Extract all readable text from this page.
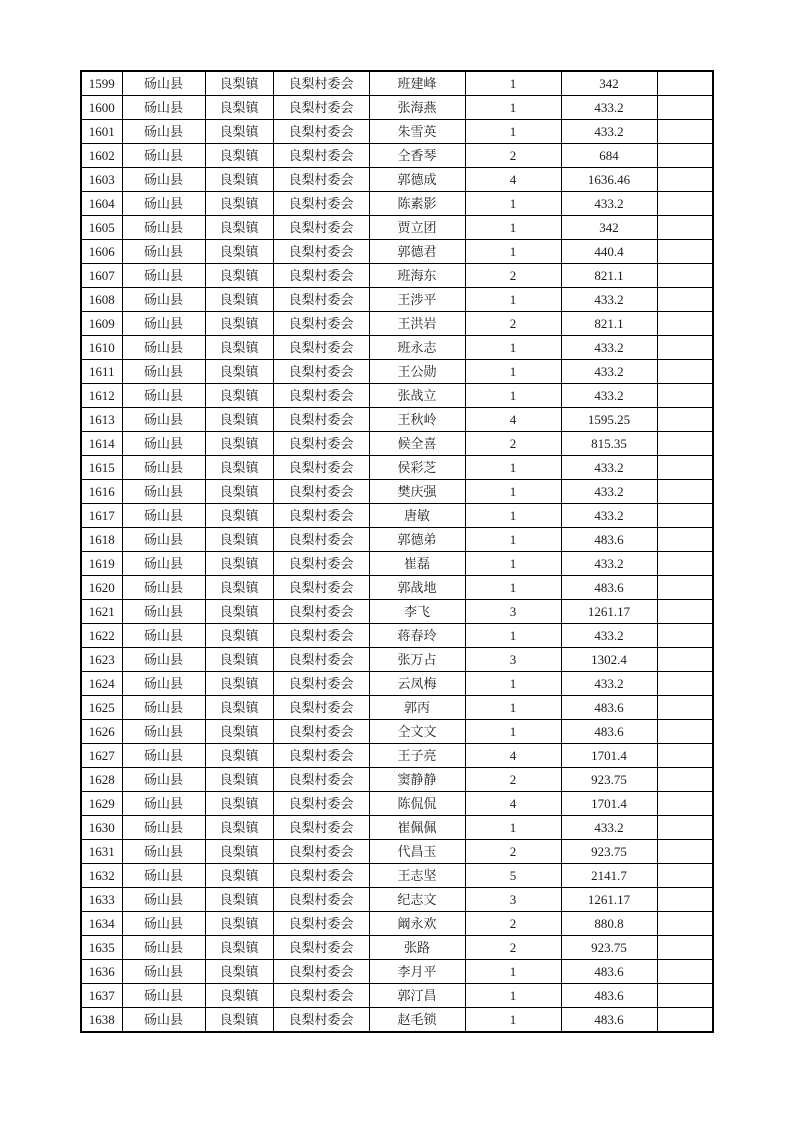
1599	砀山县	良梨镇	良梨村委会	班建峰	1	342	
1600	砀山县	良梨镇	良梨村委会	张海燕	1	433.2	
1601	砀山县	良梨镇	良梨村委会	朱雪英	1	433.2	
1602	砀山县	良梨镇	良梨村委会	仝香琴	2	684	
1603	砀山县	良梨镇	良梨村委会	郭德成	4	1636.46	
1604	砀山县	良梨镇	良梨村委会	陈素影	1	433.2	
1605	砀山县	良梨镇	良梨村委会	贾立团	1	342	
1606	砀山县	良梨镇	良梨村委会	郭德君	1	440.4	
1607	砀山县	良梨镇	良梨村委会	班海东	2	821.1	
1608	砀山县	良梨镇	良梨村委会	王涉平	1	433.2	
1609	砀山县	良梨镇	良梨村委会	王洪岩	2	821.1	
1610	砀山县	良梨镇	良梨村委会	班永志	1	433.2	
1611	砀山县	良梨镇	良梨村委会	王公勋	1	433.2	
1612	砀山县	良梨镇	良梨村委会	张战立	1	433.2	
1613	砀山县	良梨镇	良梨村委会	王秋岭	4	1595.25	
1614	砀山县	良梨镇	良梨村委会	候全喜	2	815.35	
1615	砀山县	良梨镇	良梨村委会	侯彩芝	1	433.2	
1616	砀山县	良梨镇	良梨村委会	樊庆强	1	433.2	
1617	砀山县	良梨镇	良梨村委会	唐敏	1	433.2	
1618	砀山县	良梨镇	良梨村委会	郭德弟	1	483.6	
1619	砀山县	良梨镇	良梨村委会	崔磊	1	433.2	
1620	砀山县	良梨镇	良梨村委会	郭战地	1	483.6	
1621	砀山县	良梨镇	良梨村委会	李飞	3	1261.17	
1622	砀山县	良梨镇	良梨村委会	蒋春玲	1	433.2	
1623	砀山县	良梨镇	良梨村委会	张万占	3	1302.4	
1624	砀山县	良梨镇	良梨村委会	云凤梅	1	433.2	
1625	砀山县	良梨镇	良梨村委会	郭丙	1	483.6	
1626	砀山县	良梨镇	良梨村委会	仝文文	1	483.6	
1627	砀山县	良梨镇	良梨村委会	王子亮	4	1701.4	
1628	砀山县	良梨镇	良梨村委会	窦静静	2	923.75	
1629	砀山县	良梨镇	良梨村委会	陈侃侃	4	1701.4	
1630	砀山县	良梨镇	良梨村委会	崔佩佩	1	433.2	
1631	砀山县	良梨镇	良梨村委会	代昌玉	2	923.75	
1632	砀山县	良梨镇	良梨村委会	王志坚	5	2141.7	
1633	砀山县	良梨镇	良梨村委会	纪志文	3	1261.17	
1634	砀山县	良梨镇	良梨村委会	阚永欢	2	880.8	
1635	砀山县	良梨镇	良梨村委会	张路	2	923.75	
1636	砀山县	良梨镇	良梨村委会	李月平	1	483.6	
1637	砀山县	良梨镇	良梨村委会	郭汀昌	1	483.6	
1638	砀山县	良梨镇	良梨村委会	赵毛锁	1	483.6	
